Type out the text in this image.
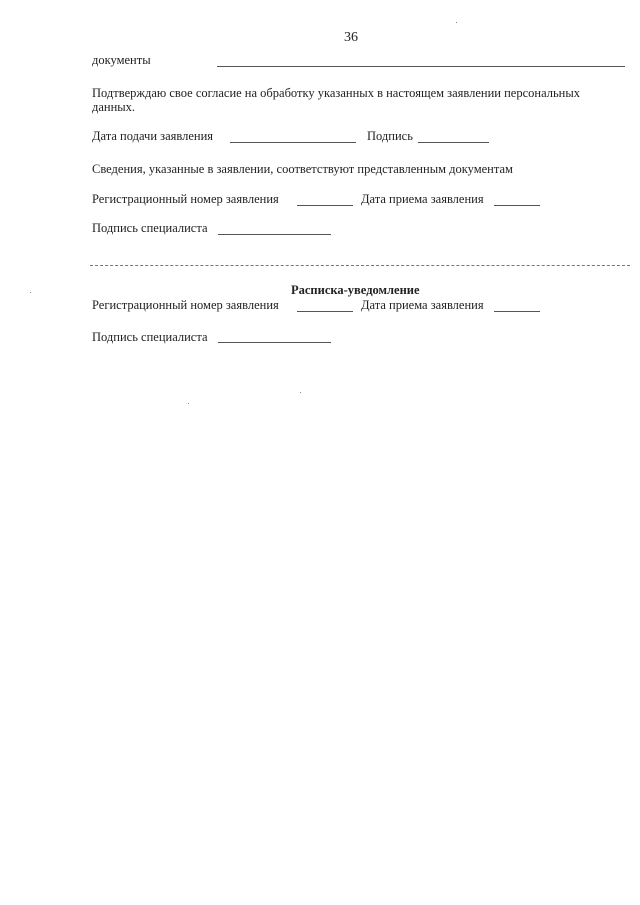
36
документы
Подтверждаю свое согласие на обработку указанных в настоящем заявлении персональных
данных.
Дата подачи заявления	Подпись
Сведения, указанные в заявлении, соответствуют представленным документам
Регистрационный номер заявления	Дата приема заявления
Подпись специалиста
Расписка-уведомление
Регистрационный номер заявления	Дата приема заявления
Подпись специалиста
